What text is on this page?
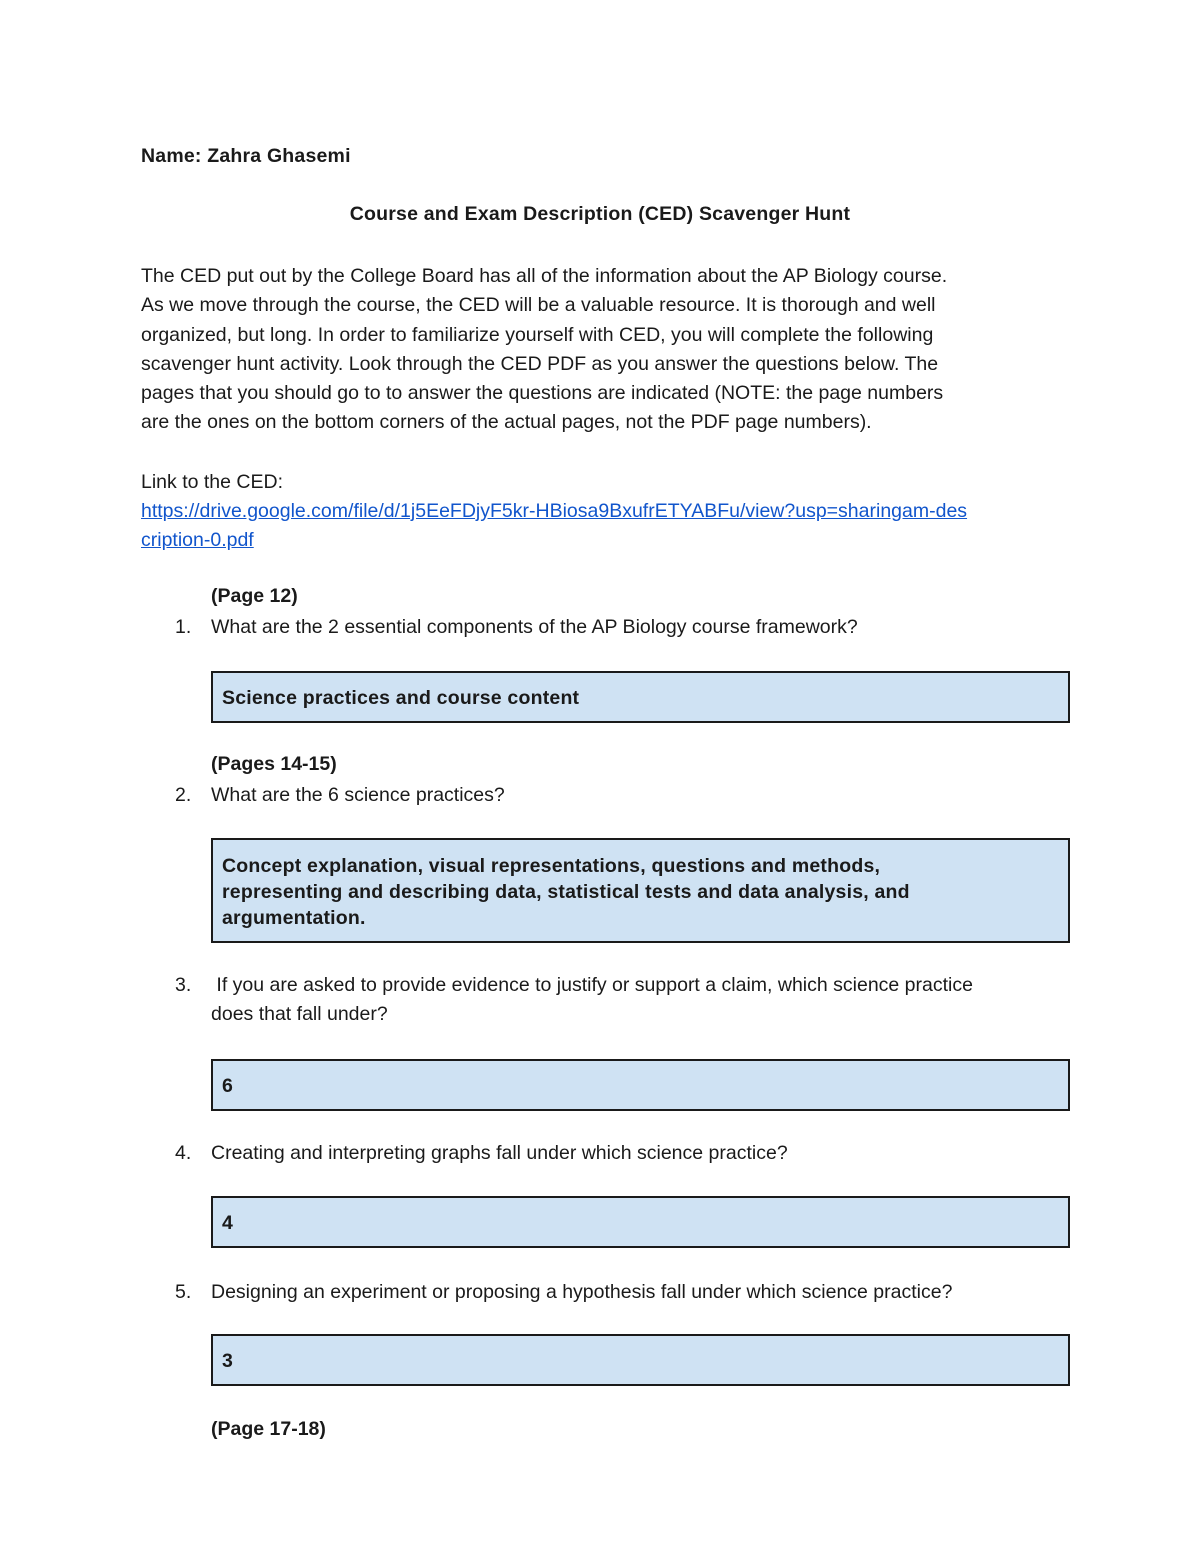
Name: Zahra Ghasemi
Course and Exam Description (CED) Scavenger Hunt
The CED put out by the College Board has all of the information about the AP Biology course.
As we move through the course, the CED will be a valuable resource. It is thorough and well
organized, but long. In order to familiarize yourself with CED, you will complete the following
scavenger hunt activity. Look through the CED PDF as you answer the questions below. The
pages that you should go to to answer the questions are indicated (NOTE: the page numbers
are the ones on the bottom corners of the actual pages, not the PDF page numbers).
Link to the CED:
https://drive.google.com/file/d/1j5EeFDjyF5kr-HBiosa9BxufrETYABFu/view?usp=sharingam-des
cription-0.pdf
(Page 12)
1. What are the 2 essential components of the AP Biology course framework?
Science practices and course content
(Pages 14-15)
2. What are the 6 science practices?
Concept explanation, visual representations, questions and methods,
representing and describing data, statistical tests and data analysis, and
argumentation.
3. If you are asked to provide evidence to justify or support a claim, which science practice
does that fall under?
6
4. Creating and interpreting graphs fall under which science practice?
4
5. Designing an experiment or proposing a hypothesis fall under which science practice?
3
(Page 17-18)
